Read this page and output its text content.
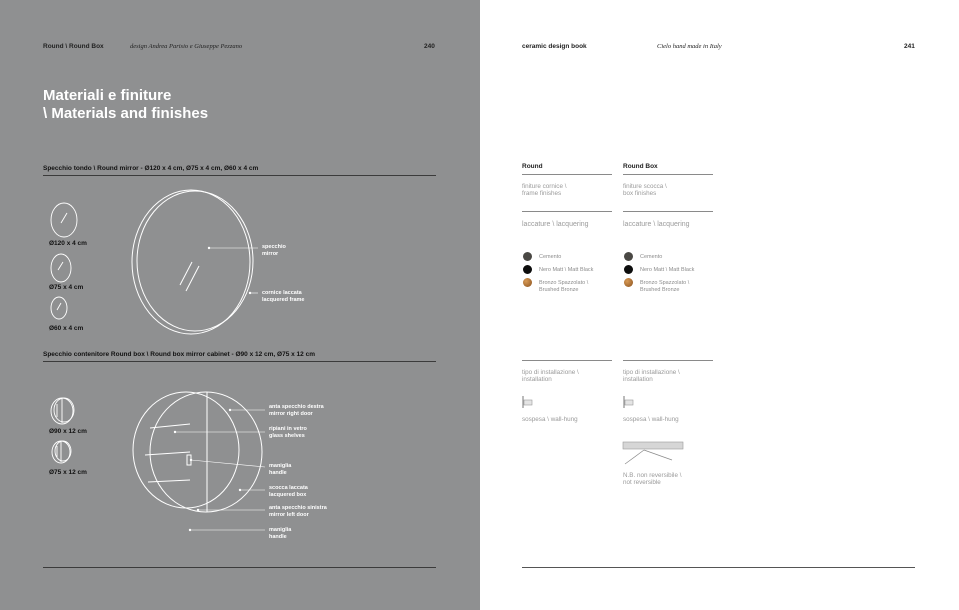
Round \ Round Box	design Andrea Parisio e Giuseppe Pezzano	240
Materiali e finiture
\ Materials and finishes
Specchio tondo \ Round mirror - Ø120 x 4 cm, Ø75 x 4 cm, Ø60 x 4 cm
Ø120 x 4 cm
Ø75 x 4 cm
Ø60 x 4 cm
specchio
mirror
cornice laccata
lacquered frame
Specchio contenitore Round box \ Round box mirror cabinet - Ø90 x 12 cm, Ø75 x 12 cm
Ø90 x 12 cm
Ø75 x 12 cm
anta specchio destra
mirror right door
ripiani in vetro
glass shelves
maniglia
handle
scocca laccata
lacquered box
anta specchio sinistra
mirror left door
maniglia
handle
ceramic design book	Cielo hand made in Italy	241
Round
finiture cornice \
frame finishes
laccature \ lacquering
Cemento
Nero Matt \ Matt Black
Bronzo Spazzolato \
Brushed Bronze
tipo di installazione \
installation
sospesa \ wall-hung
Round Box
finiture scocca \
box finishes
laccature \ lacquering
Cemento
Nero Matt \ Matt Black
Bronzo Spazzolato \
Brushed Bronze
tipo di installazione \
installation
sospesa \ wall-hung
N.B. non reversibile \
not reversible
